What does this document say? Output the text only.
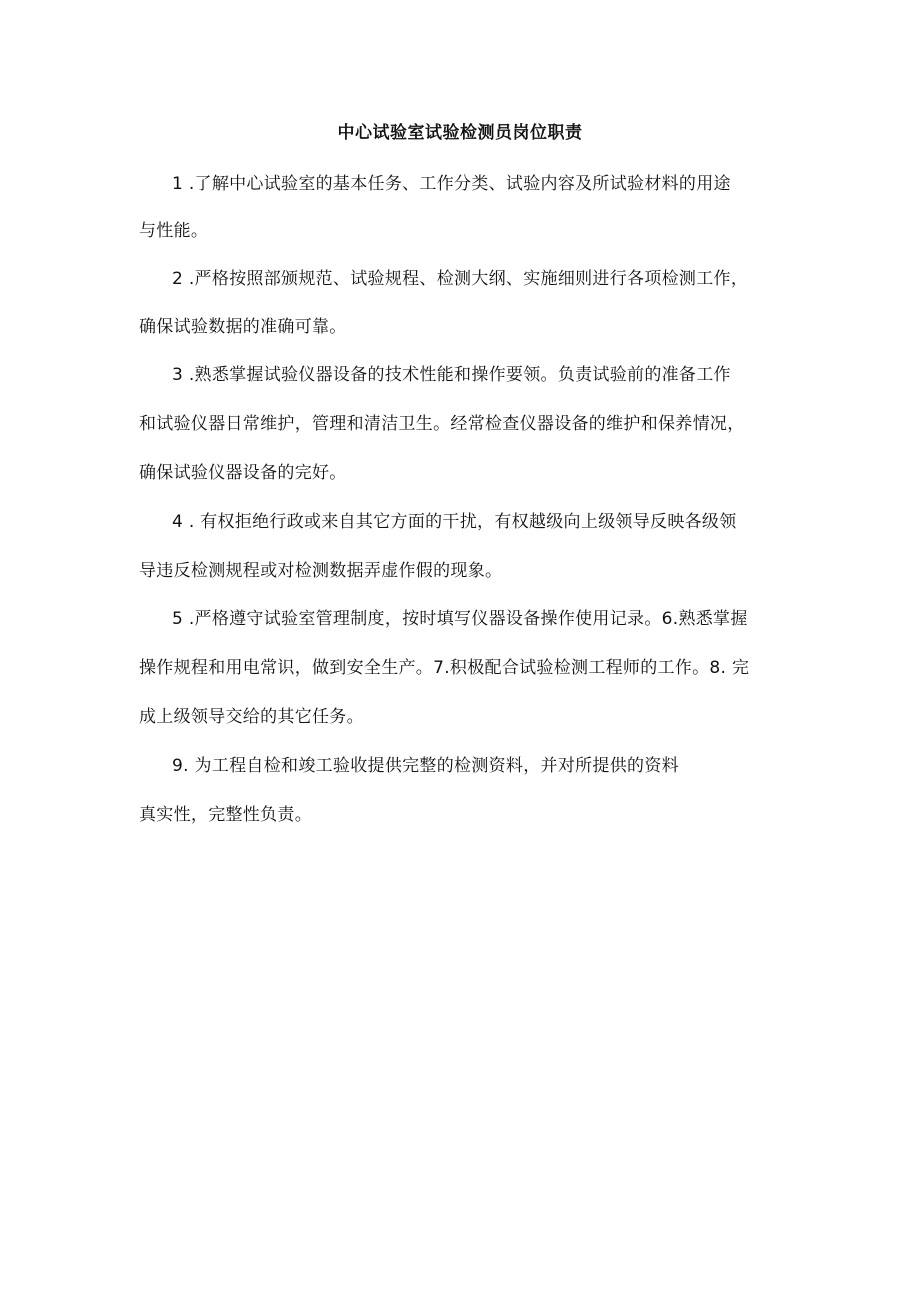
中心试验室试验检测员岗位职责
1 .了解中心试验室的基本任务、工作分类、试验内容及所试验材料的用途
与性能。
2 .严格按照部颁规范、试验规程、检测大纲、实施细则进行各项检测工作，
确保试验数据的准确可靠。
3 .熟悉掌握试验仪器设备的技术性能和操作要领。负责试验前的准备工作
和试验仪器日常维护，管理和清洁卫生。经常检查仪器设备的维护和保养情况，
确保试验仪器设备的完好。
4 . 有权拒绝行政或来自其它方面的干扰，有权越级向上级领导反映各级领
导违反检测规程或对检测数据弄虚作假的现象。
5 .严格遵守试验室管理制度，按时填写仪器设备操作使用记录。6.熟悉掌握
操作规程和用电常识，做到安全生产。7.积极配合试验检测工程师的工作。8. 完
成上级领导交给的其它任务。
9. 为工程自检和竣工验收提供完整的检测资料，并对所提供的资料
真实性，完整性负责。
